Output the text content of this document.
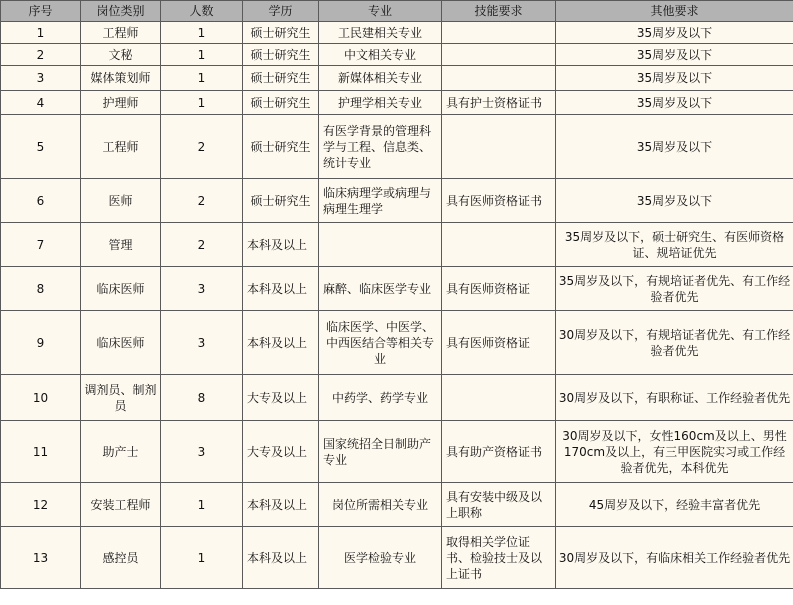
序号	岗位类别	人数	学历	专业	技能要求	其他要求
1	工程师	1	硕士研究生	工民建相关专业		35周岁及以下
2	文秘	1	硕士研究生	中文相关专业		35周岁及以下
3	媒体策划师	1	硕士研究生	新媒体相关专业		35周岁及以下
4	护理师	1	硕士研究生	护理学相关专业	具有护士资格证书	35周岁及以下
5	工程师	2	硕士研究生	有医学背景的管理科学与工程、信息类、统计专业		35周岁及以下
6	医师	2	硕士研究生	临床病理学或病理与病理生理学	具有医师资格证书	35周岁及以下
7	管理	2	本科及以上			35周岁及以下，硕士研究生、有医师资格证、规培证优先
8	临床医师	3	本科及以上	麻醉、临床医学专业	具有医师资格证	35周岁及以下，有规培证者优先、有工作经验者优先
9	临床医师	3	本科及以上	临床医学、中医学、中西医结合等相关专业	具有医师资格证	30周岁及以下，有规培证者优先、有工作经验者优先
10	调剂员、制剂员	8	大专及以上	中药学、药学专业		30周岁及以下，有职称证、工作经验者优先
11	助产士	3	大专及以上	国家统招全日制助产专业	具有助产资格证书	30周岁及以下，女性160cm及以上、男性170cm及以上，有三甲医院实习或工作经验者优先，本科优先
12	安装工程师	1	本科及以上	岗位所需相关专业	具有安装中级及以上职称	45周岁及以下，经验丰富者优先
13	感控员	1	本科及以上	医学检验专业	取得相关学位证书、检验技士及以上证书	30周岁及以下，有临床相关工作经验者优先
